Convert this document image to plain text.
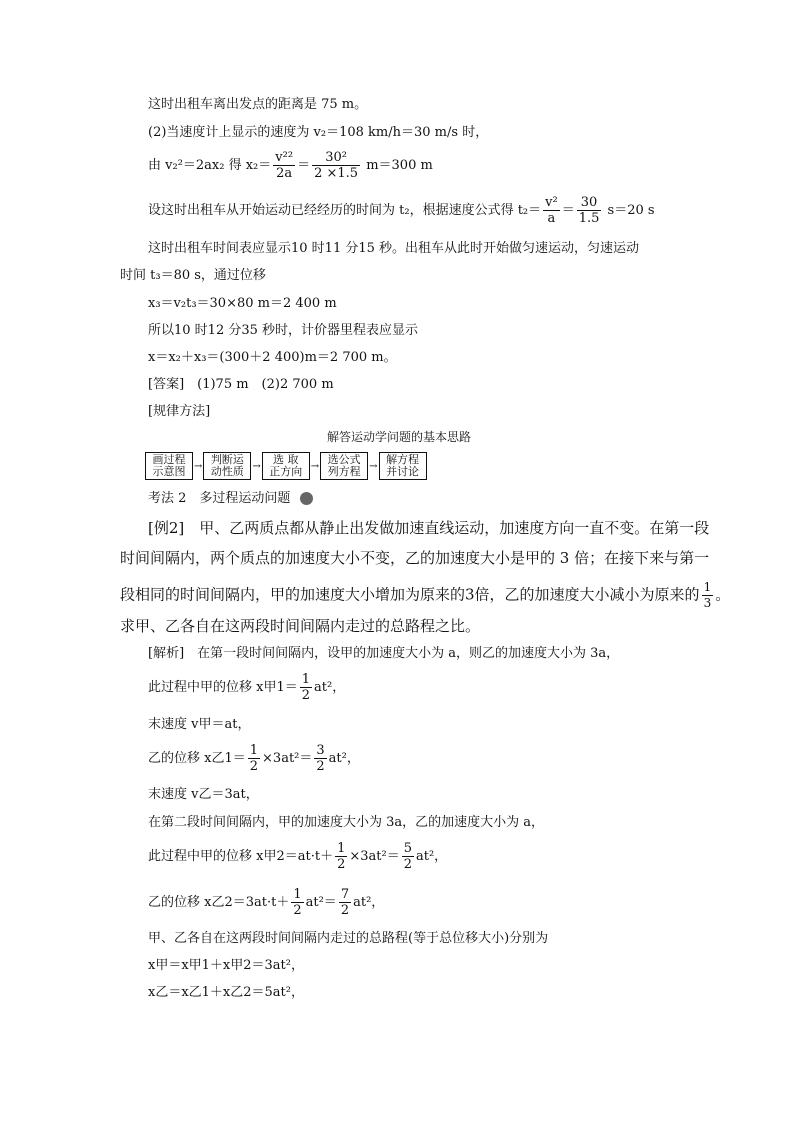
这时出租车离出发点的距离是 75 m。
(2)当速度计上显示的速度为 v₂＝108 km/h＝30 m/s 时，
由 v₂²＝2ax₂ 得 $x_2= \frac{\text{v²²}}{2a} = \frac{\text{30²}}{2 \times 1.5} m=300$ m
设这时出租车从开始运动已经经历的时间为 t₂，根据速度公式得 $t_2= \frac{\text{v²}}{a} = \frac{30}{1.5} s=20$ s
这时出租车时间表应显示10 时11 分15 秒。出租车从此时开始做匀速运动，匀速运动
时间 t₃＝80 s，通过位移
x₃＝v₂t₃＝30×80 m＝2 400 m
所以10 时12 分35 秒时，计价器里程表应显示
x＝x₂＋x₃＝(300＋2 400)m＝2 700 m。
[答案]　(1)75 m　(2)2 700 m
[规律方法]
解答运动学问题的基本思路
画过程
示意图 → 判断运
动性质 →	选 取
正方向 → 选公式
列方程 → 解方程
并讨论
考法 2　多过程运动问题
[例2]　甲、乙两质点都从静止出发做加速直线运动，加速度方向一直不变。在第一段
时间间隔内，两个质点的加速度大小不变，乙的加速度大小是甲的 3 倍；在接下来与第一
段相同的时间间隔内，甲的加速度大小增加为原来的3倍，乙的加速度大小减小为原来的 $\frac{1}{3}$ 。
求甲、乙各自在这两段时间间隔内走过的总路程之比。
[解析]　在第一段时间间隔内，设甲的加速度大小为 a，则乙的加速度大小为 3a，
此过程中甲的位移 x甲$1= \frac{1}{2} at^2$，
末速度 v甲＝at，
乙的位移 x乙$1= \frac{1}{2} \times 3at^2= \frac{3}{2} at^2$，
末速度 v乙＝3at，
在第二段时间间隔内，甲的加速度大小为 3a，乙的加速度大小为 a，
此过程中甲的位移 x甲$2=at\cdot t+ \frac{1}{2} \times 3at^2= \frac{5}{2} at^2$，
乙的位移 x乙$2=3at\cdot t+ \frac{1}{2} at^2= \frac{7}{2} at^2$，
甲、乙各自在这两段时间间隔内走过的总路程(等于总位移大小)分别为
x甲＝x甲1＋x甲2＝3at²，
x乙＝x乙1＋x乙2＝5at²，
